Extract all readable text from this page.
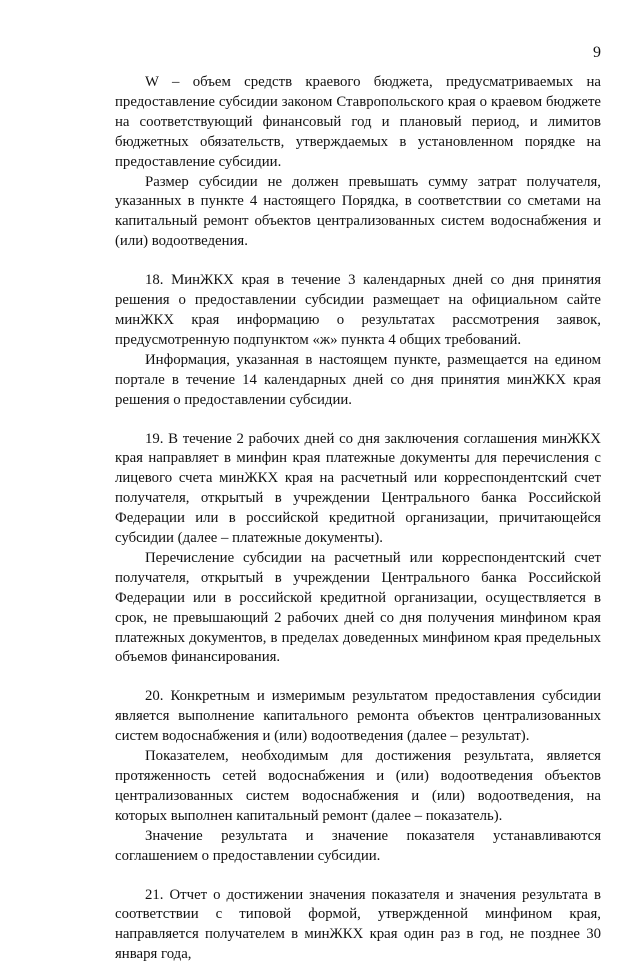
9

W – объем средств краевого бюджета, предусматриваемых на предоставление субсидии законом Ставропольского края о краевом бюджете на соответствующий финансовый год и плановый период, и лимитов бюджетных обязательств, утверждаемых в установленном порядке на предоставление субсидии.

Размер субсидии не должен превышать сумму затрат получателя, указанных в пункте 4 настоящего Порядка, в соответствии со сметами на капитальный ремонт объектов централизованных систем водоснабжения и (или) водоотведения.

18. МинЖКХ края в течение 3 календарных дней со дня принятия решения о предоставлении субсидии размещает на официальном сайте минЖКХ края информацию о результатах рассмотрения заявок, предусмотренную подпунктом «ж» пункта 4 общих требований.

Информация, указанная в настоящем пункте, размещается на едином портале в течение 14 календарных дней со дня принятия минЖКХ края решения о предоставлении субсидии.

19. В течение 2 рабочих дней со дня заключения соглашения минЖКХ края направляет в минфин края платежные документы для перечисления с лицевого счета минЖКХ края на расчетный или корреспондентский счет получателя, открытый в учреждении Центрального банка Российской Федерации или в российской кредитной организации, причитающейся субсидии (далее – платежные документы).

Перечисление субсидии на расчетный или корреспондентский счет получателя, открытый в учреждении Центрального банка Российской Федерации или в российской кредитной организации, осуществляется в срок, не превышающий 2 рабочих дней со дня получения минфином края платежных документов, в пределах доведенных минфином края предельных объемов финансирования.

20. Конкретным и измеримым результатом предоставления субсидии является выполнение капитального ремонта объектов централизованных систем водоснабжения и (или) водоотведения (далее – результат).

Показателем, необходимым для достижения результата, является протяженность сетей водоснабжения и (или) водоотведения объектов централизованных систем водоснабжения и (или) водоотведения, на которых выполнен капитальный ремонт (далее – показатель).

Значение результата и значение показателя устанавливаются соглашением о предоставлении субсидии.

21. Отчет о достижении значения показателя и значения результата в соответствии с типовой формой, утвержденной минфином края, направляется получателем в минЖКХ края один раз в год, не позднее 30 января года,
